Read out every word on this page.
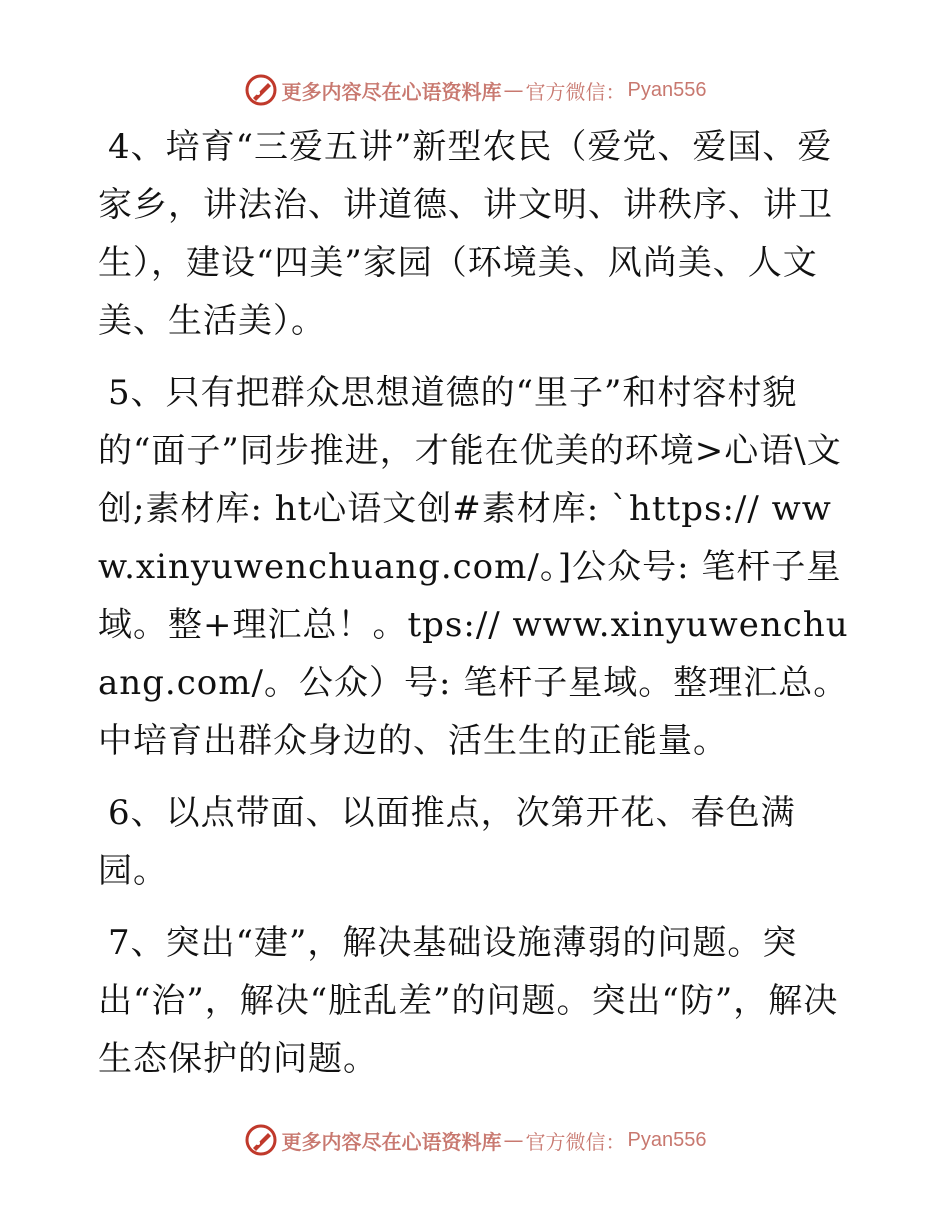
更多内容尽在心语资料库 — 官方微信： Pyan556

4、培育“三爱五讲”新型农民（爱党、爱国、爱家乡，讲法治、讲道德、讲文明、讲秩序、讲卫生），建设“四美”家园（环境美、风尚美、人文美、生活美）。

5、只有把群众思想道德的“里子”和村容村貌的“面子”同步推进，才能在优美的环境>心语\文创;素材库: ht心语文创#素材库: `https:// www.xinyuwenchuang.com/。]公众号: 笔杆子星域。整+理汇总！。tps:// www.xinyuwenchuang.com/。公众）号: 笔杆子星域。整理汇总。中培育出群众身边的、活生生的正能量。

6、以点带面、以面推点，次第开花、春色满园。

7、突出“建”，解决基础设施薄弱的问题。突出“治”，解决“脏乱差”的问题。突出“防”，解决生态保护的问题。

更多内容尽在心语资料库 — 官方微信： Pyan556
